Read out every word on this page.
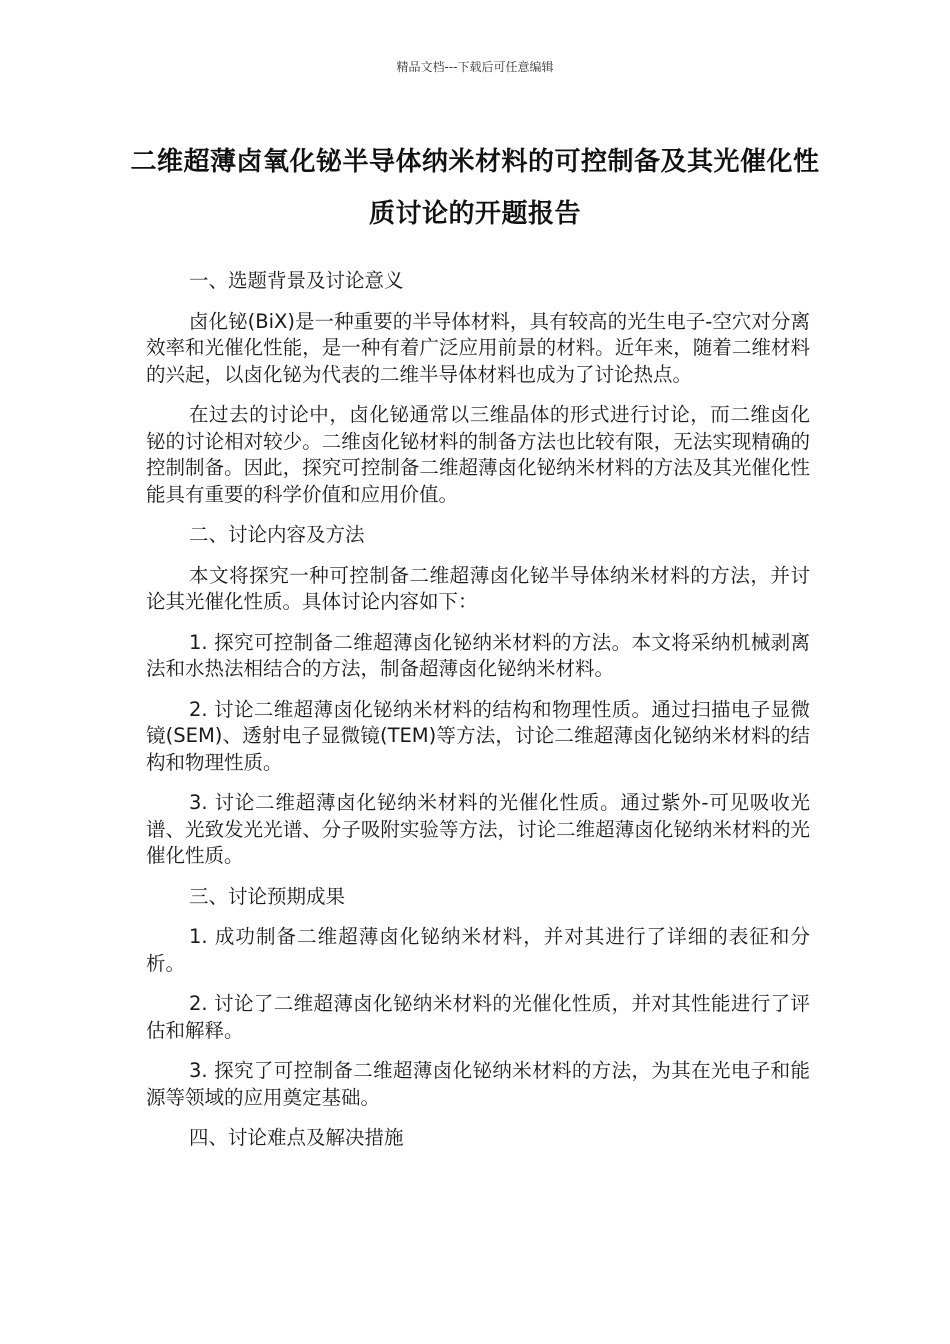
精品文档---下载后可任意编辑
二维超薄卤氧化铋半导体纳米材料的可控制备及其光催化性质讨论的开题报告

一、选题背景及讨论意义

卤化铋(BiX)是一种重要的半导体材料，具有较高的光生电子-空穴对分离效率和光催化性能，是一种有着广泛应用前景的材料。近年来，随着二维材料的兴起，以卤化铋为代表的二维半导体材料也成为了讨论热点。

在过去的讨论中，卤化铋通常以三维晶体的形式进行讨论，而二维卤化铋的讨论相对较少。二维卤化铋材料的制备方法也比较有限，无法实现精确的控制制备。因此，探究可控制备二维超薄卤化铋纳米材料的方法及其光催化性能具有重要的科学价值和应用价值。

二、讨论内容及方法

本文将探究一种可控制备二维超薄卤化铋半导体纳米材料的方法，并讨论其光催化性质。具体讨论内容如下：

1. 探究可控制备二维超薄卤化铋纳米材料的方法。本文将采纳机械剥离法和水热法相结合的方法，制备超薄卤化铋纳米材料。

2. 讨论二维超薄卤化铋纳米材料的结构和物理性质。通过扫描电子显微镜(SEM)、透射电子显微镜(TEM)等方法，讨论二维超薄卤化铋纳米材料的结构和物理性质。

3. 讨论二维超薄卤化铋纳米材料的光催化性质。通过紫外-可见吸收光谱、光致发光光谱、分子吸附实验等方法，讨论二维超薄卤化铋纳米材料的光催化性质。

三、讨论预期成果

1. 成功制备二维超薄卤化铋纳米材料，并对其进行了详细的表征和分析。

2. 讨论了二维超薄卤化铋纳米材料的光催化性质，并对其性能进行了评估和解释。

3. 探究了可控制备二维超薄卤化铋纳米材料的方法，为其在光电子和能源等领域的应用奠定基础。

四、讨论难点及解决措施
